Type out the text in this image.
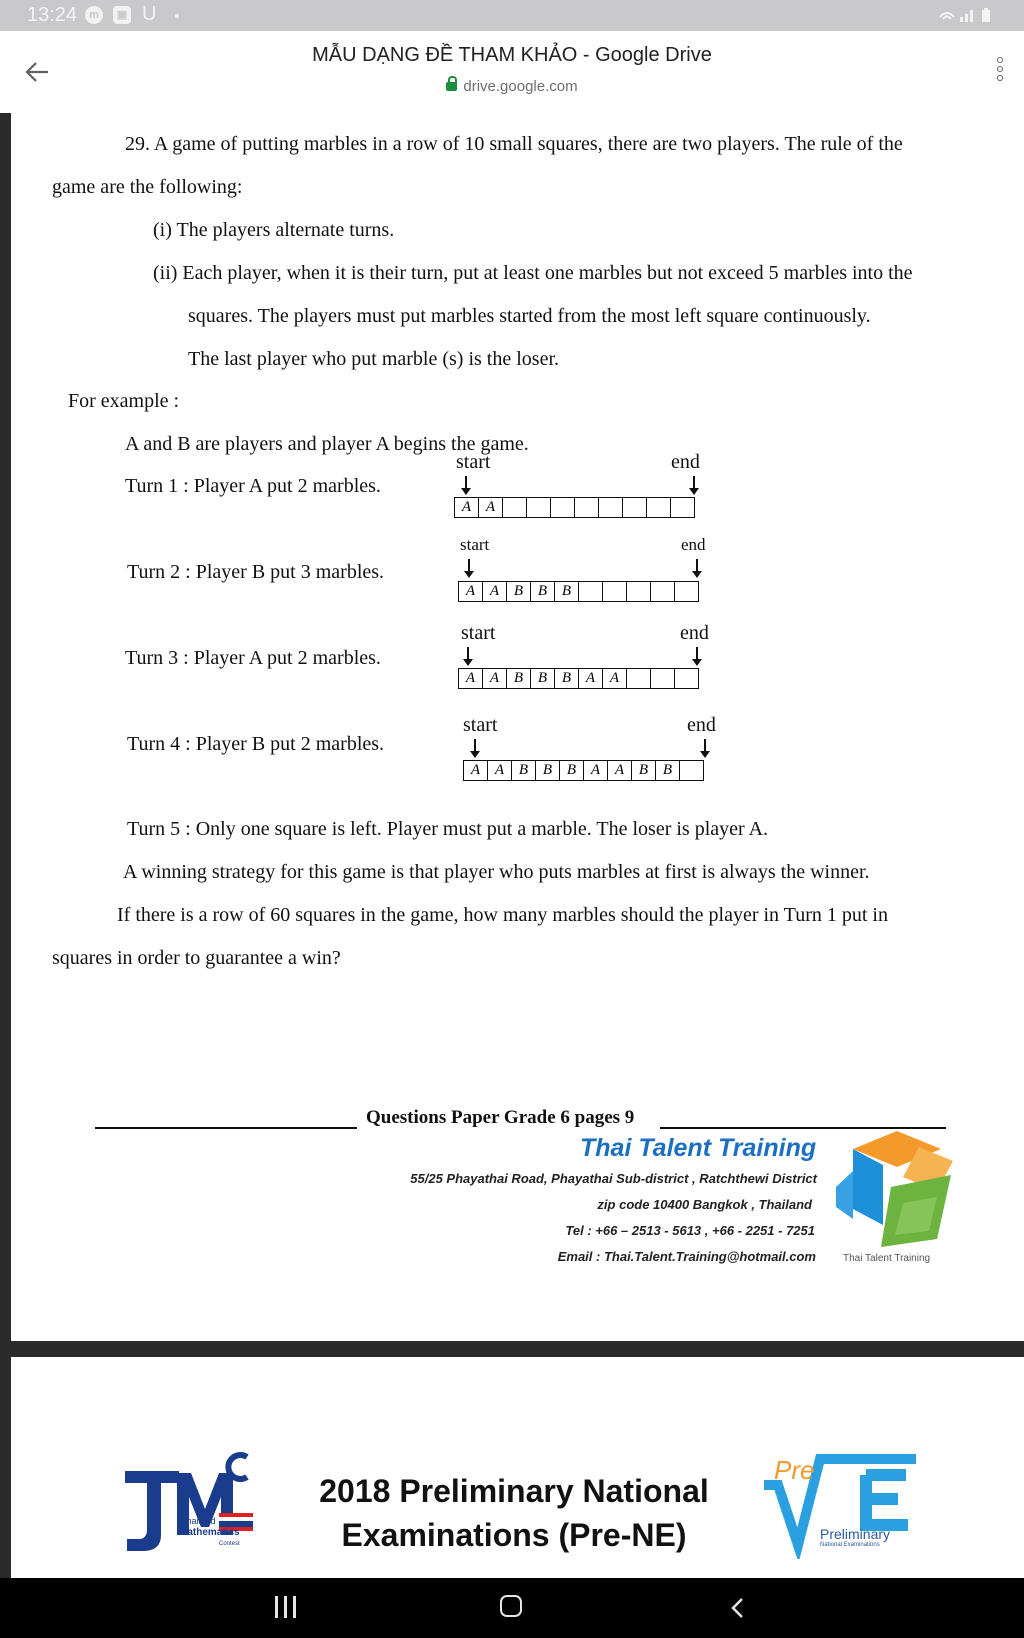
13:24	m	▣ U
MẪU DẠNG ĐỀ THAM KHẢO - Google Drive
drive.google.com
29. A game of putting marbles in a row of 10 small squares, there are two players. The rule of the
game are the following:
(i) The players alternate turns.
(ii) Each player, when it is their turn, put at least one marbles but not exceed 5 marbles into the
squares. The players must put marbles started from the most left square continuously.
The last player who put marble (s) is the loser.
For example :
A and B are players and player A begins the game.
Turn 1 : Player A put 2 marbles.
start	end
A A
Turn 2 : Player B put 3 marbles.
start	end
A A B B B
Turn 3 : Player A put 2 marbles.
start	end
A A B B B A A
Turn 4 : Player B put 2 marbles.
start	end
A A B B B A A B B
Turn 5 : Only one square is left. Player must put a marble. The loser is player A.
A winning strategy for this game is that player who puts marbles at first is always the winner.
If there is a row of 60 squares in the game, how many marbles should the player in Turn 1 put in
squares in order to guarantee a win?
Questions Paper Grade 6 pages 9
Thai Talent Training
55/25 Phayathai Road, Phayathai Sub-district , Ratchthewi District
zip code 10400 Bangkok , Thailand
Tel : +66 – 2513 - 5613 , +66 - 2251 - 7251
Email : Thai.Talent.Training@hotmail.com	Thai Talent Training
Thailand
Mathematics
Contest
2018 Preliminary National
Examinations (Pre-NE)
Pre
Preliminary
National Examinations
